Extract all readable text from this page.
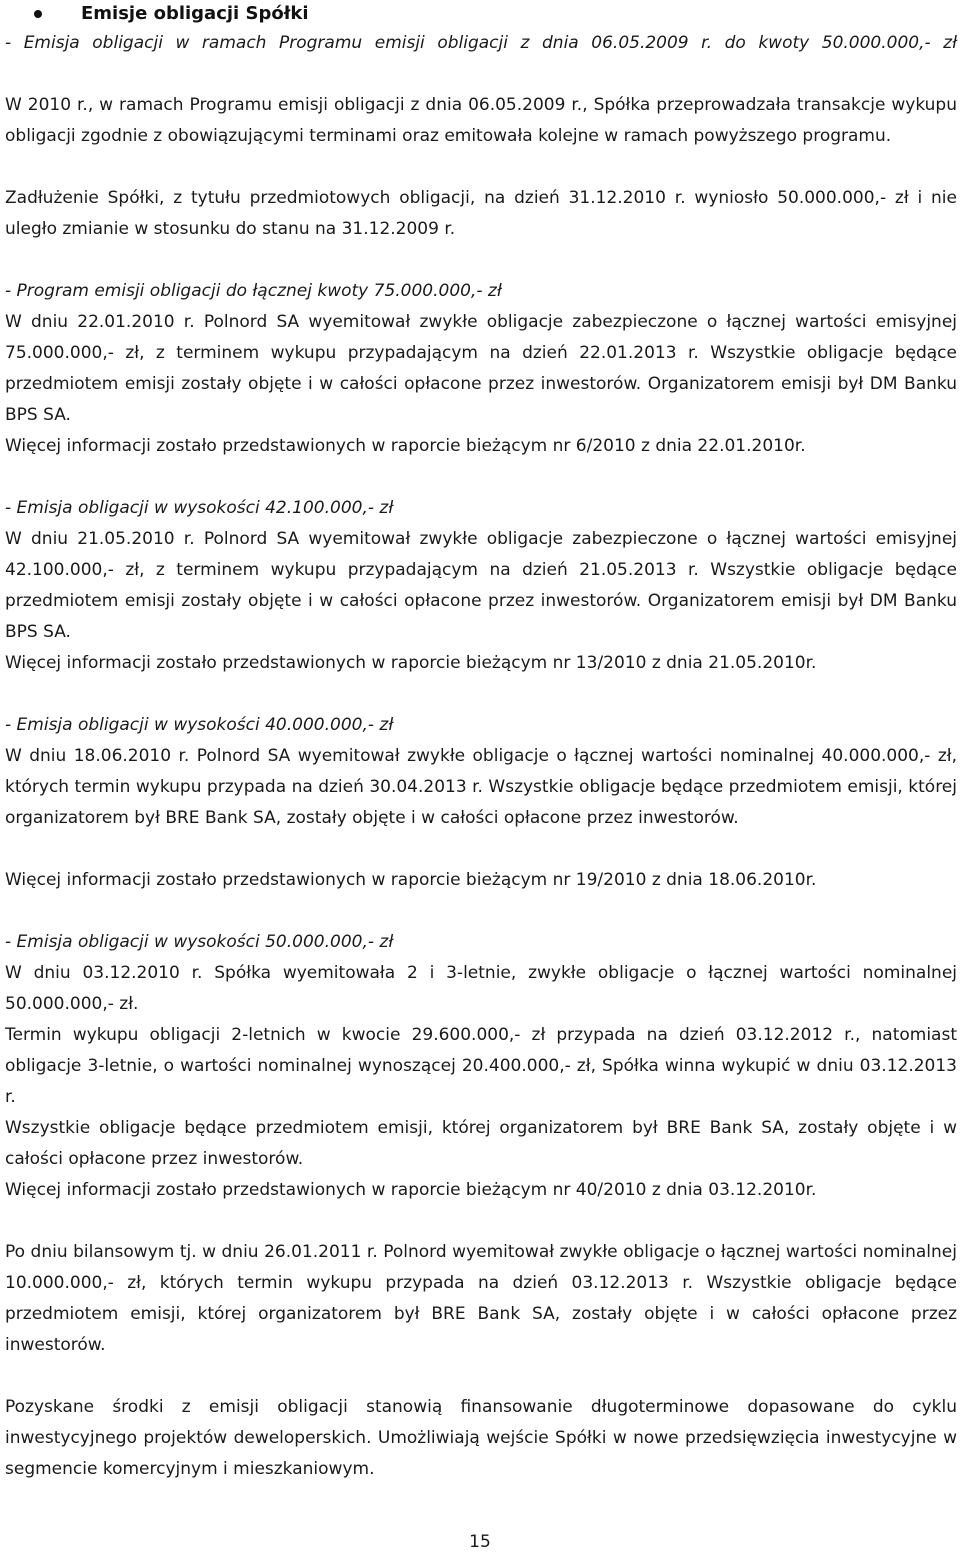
Emisje obligacji Spółki

- Emisja obligacji w ramach Programu emisji obligacji z dnia 06.05.2009 r. do kwoty 50.000.000,- zł

W 2010 r., w ramach Programu emisji obligacji z dnia 06.05.2009 r., Spółka przeprowadzała transakcje wykupu obligacji zgodnie z obowiązującymi terminami oraz emitowała kolejne w ramach powyższego programu.

Zadłużenie Spółki, z tytułu przedmiotowych obligacji, na dzień 31.12.2010 r. wyniosło 50.000.000,- zł i nie uległo zmianie w stosunku do stanu na 31.12.2009 r.

- Program emisji obligacji do łącznej kwoty 75.000.000,- zł

W dniu 22.01.2010 r. Polnord SA wyemitował zwykłe obligacje zabezpieczone o łącznej wartości emisyjnej 75.000.000,- zł, z terminem wykupu przypadającym na dzień 22.01.2013 r. Wszystkie obligacje będące przedmiotem emisji zostały objęte i w całości opłacone przez inwestorów. Organizatorem emisji był DM Banku BPS SA.

Więcej informacji zostało przedstawionych w raporcie bieżącym nr 6/2010 z dnia 22.01.2010r.

- Emisja obligacji w wysokości 42.100.000,- zł

W dniu 21.05.2010 r. Polnord SA wyemitował zwykłe obligacje zabezpieczone o łącznej wartości emisyjnej 42.100.000,- zł, z terminem wykupu przypadającym na dzień 21.05.2013 r. Wszystkie obligacje będące przedmiotem emisji zostały objęte i w całości opłacone przez inwestorów. Organizatorem emisji był DM Banku BPS SA.

Więcej informacji zostało przedstawionych w raporcie bieżącym nr 13/2010 z dnia 21.05.2010r.

- Emisja obligacji w wysokości 40.000.000,- zł

W dniu 18.06.2010 r. Polnord SA wyemitował zwykłe obligacje o łącznej wartości nominalnej 40.000.000,- zł, których termin wykupu przypada na dzień 30.04.2013 r. Wszystkie obligacje będące przedmiotem emisji, której organizatorem był BRE Bank SA, zostały objęte i w całości opłacone przez inwestorów.

Więcej informacji zostało przedstawionych w raporcie bieżącym nr 19/2010 z dnia 18.06.2010r.

- Emisja obligacji w wysokości 50.000.000,- zł

W dniu 03.12.2010 r. Spółka wyemitowała 2 i 3-letnie, zwykłe obligacje o łącznej wartości nominalnej 50.000.000,- zł.

Termin wykupu obligacji 2-letnich w kwocie 29.600.000,- zł przypada na dzień 03.12.2012 r., natomiast obligacje 3-letnie, o wartości nominalnej wynoszącej 20.400.000,- zł, Spółka winna wykupić w dniu 03.12.2013 r.

Wszystkie obligacje będące przedmiotem emisji, której organizatorem był BRE Bank SA, zostały objęte i w całości opłacone przez inwestorów.

Więcej informacji zostało przedstawionych w raporcie bieżącym nr 40/2010 z dnia 03.12.2010r.

Po dniu bilansowym tj. w dniu 26.01.2011 r. Polnord wyemitował zwykłe obligacje o łącznej wartości nominalnej 10.000.000,- zł, których termin wykupu przypada na dzień 03.12.2013 r. Wszystkie obligacje będące przedmiotem emisji, której organizatorem był BRE Bank SA, zostały objęte i w całości opłacone przez inwestorów.

Pozyskane środki z emisji obligacji stanowią finansowanie długoterminowe dopasowane do cyklu inwestycyjnego projektów deweloperskich. Umożliwiają wejście Spółki w nowe przedsięwzięcia inwestycyjne w segmencie komercyjnym i mieszkaniowym.

15
